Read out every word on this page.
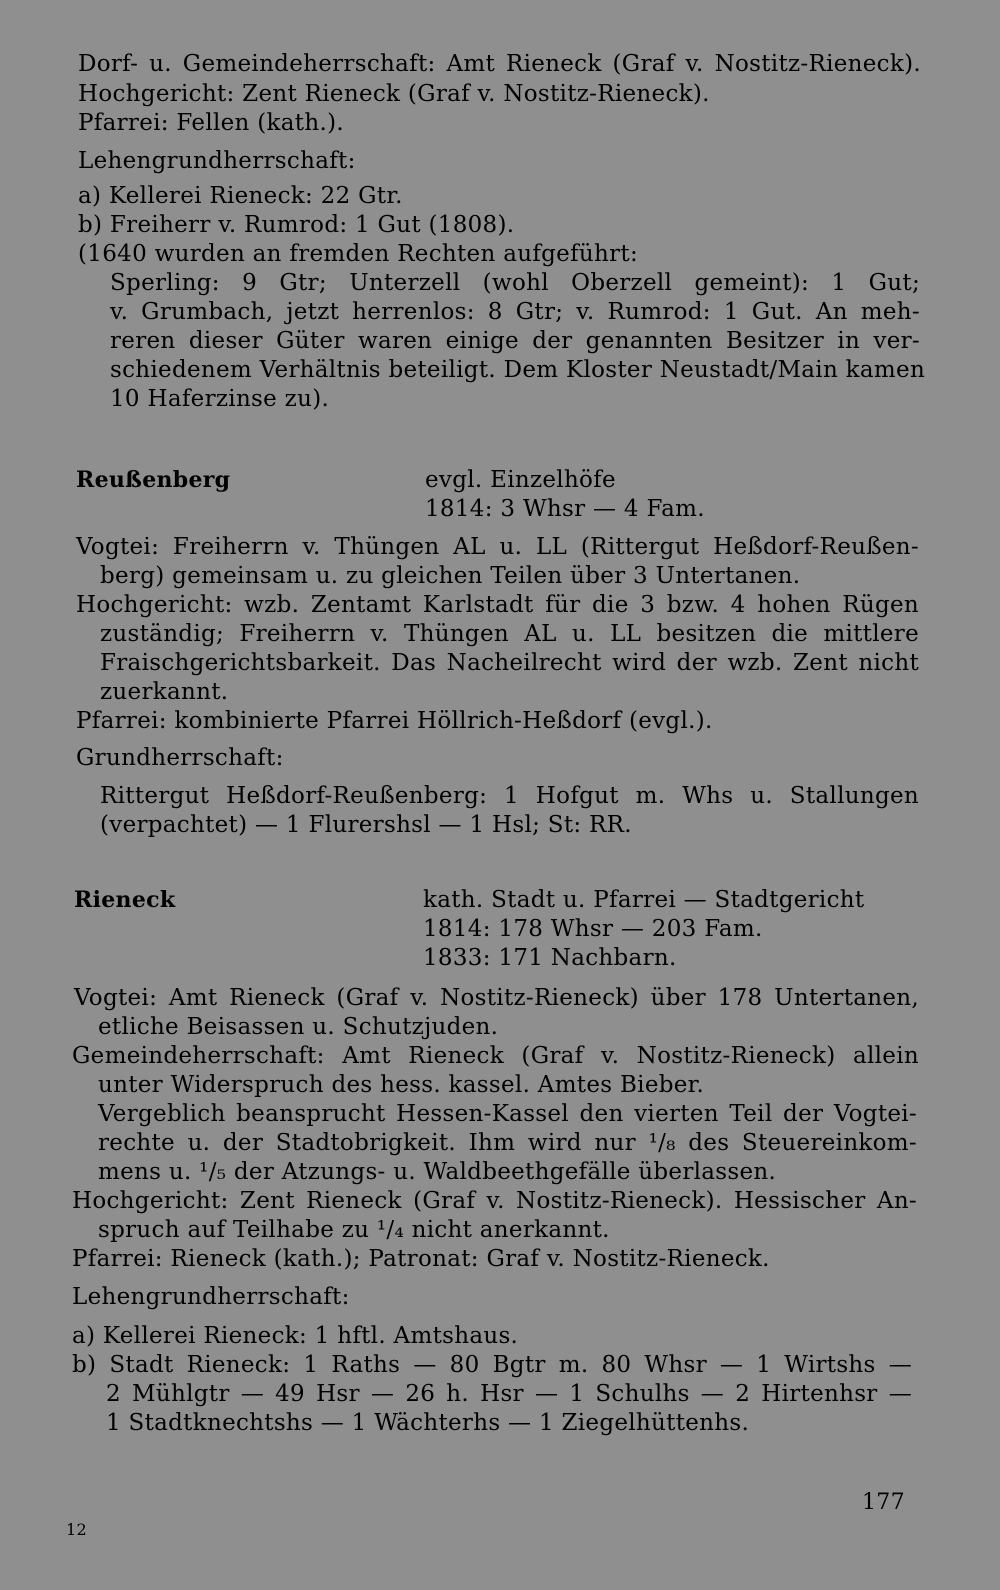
Dorf- u. Gemeindeherrschaft: Amt Rieneck (Graf v. Nostitz-Rieneck).
Hochgericht: Zent Rieneck (Graf v. Nostitz-Rieneck).
Pfarrei: Fellen (kath.).
Lehengrundherrschaft:
a) Kellerei Rieneck: 22 Gtr.
b) Freiherr v. Rumrod: 1 Gut (1808).
(1640 wurden an fremden Rechten aufgeführt:
Sperling: 9 Gtr; Unterzell (wohl Oberzell gemeint): 1 Gut;
v. Grumbach, jetzt herrenlos: 8 Gtr; v. Rumrod: 1 Gut. An meh-
reren dieser Güter waren einige der genannten Besitzer in ver-
schiedenem Verhältnis beteiligt. Dem Kloster Neustadt/Main kamen
10 Haferzinse zu).
Reußenberg	evgl. Einzelhöfe
1814: 3 Whsr — 4 Fam.
Vogtei: Freiherrn v. Thüngen AL u. LL (Rittergut Heßdorf-Reußen-
berg) gemeinsam u. zu gleichen Teilen über 3 Untertanen.
Hochgericht: wzb. Zentamt Karlstadt für die 3 bzw. 4 hohen Rügen
zuständig; Freiherrn v. Thüngen AL u. LL besitzen die mittlere
Fraischgerichtsbarkeit. Das Nacheilrecht wird der wzb. Zent nicht
zuerkannt.
Pfarrei: kombinierte Pfarrei Höllrich-Heßdorf (evgl.).
Grundherrschaft:
Rittergut Heßdorf-Reußenberg: 1 Hofgut m. Whs u. Stallungen
(verpachtet) — 1 Flurershsl — 1 Hsl; St: RR.
Rieneck	kath. Stadt u. Pfarrei — Stadtgericht
1814: 178 Whsr — 203 Fam.
1833: 171 Nachbarn.
Vogtei: Amt Rieneck (Graf v. Nostitz-Rieneck) über 178 Untertanen,
etliche Beisassen u. Schutzjuden.
Gemeindeherrschaft: Amt Rieneck (Graf v. Nostitz-Rieneck) allein
unter Widerspruch des hess. kassel. Amtes Bieber.
Vergeblich beansprucht Hessen-Kassel den vierten Teil der Vogtei-
rechte u. der Stadtobrigkeit. Ihm wird nur ¹/₈ des Steuereinkom-
mens u. ¹/₅ der Atzungs- u. Waldbeethgefälle überlassen.
Hochgericht: Zent Rieneck (Graf v. Nostitz-Rieneck). Hessischer An-
spruch auf Teilhabe zu ¹/₄ nicht anerkannt.
Pfarrei: Rieneck (kath.); Patronat: Graf v. Nostitz-Rieneck.
Lehengrundherrschaft:
a) Kellerei Rieneck: 1 hftl. Amtshaus.
b) Stadt Rieneck: 1 Raths — 80 Bgtr m. 80 Whsr — 1 Wirtshs —
2 Mühlgtr — 49 Hsr — 26 h. Hsr — 1 Schulhs — 2 Hirtenhsr —
1 Stadtknechtshs — 1 Wächterhs — 1 Ziegelhüttenhs.
12
177
